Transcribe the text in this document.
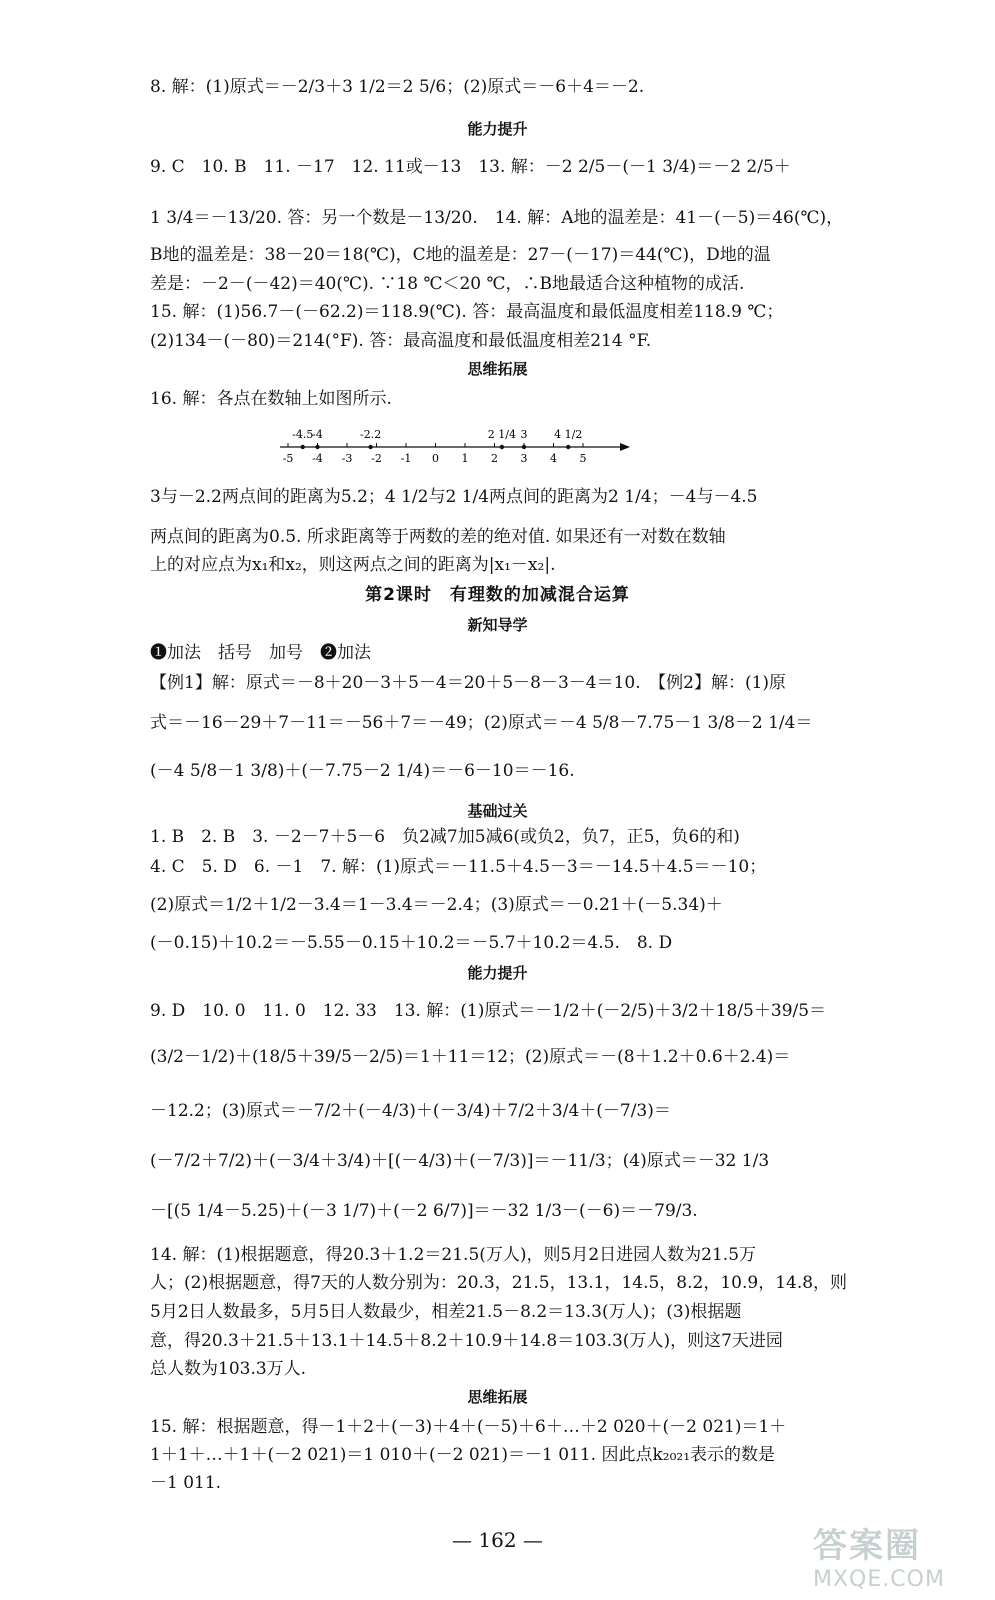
8. 解：(1)原式＝－2/3＋3 1/2＝2 5/6；(2)原式＝－6＋4＝－2.
能力提升
9. C　10. B　11. －17　12. 11或－13　13. 解：－2 2/5－(－1 3/4)＝－2 2/5＋
1 3/4＝－13/20. 答：另一个数是－13/20.　14. 解：A地的温差是：41－(－5)＝46(℃)，
B地的温差是：38－20＝18(℃)，C地的温差是：27－(－17)＝44(℃)，D地的温
差是：－2－(－42)＝40(℃). ∵18 ℃＜20 ℃，∴B地最适合这种植物的成活.
15. 解：(1)56.7－(－62.2)＝118.9(℃). 答：最高温度和最低温度相差118.9 ℃；
(2)134－(－80)＝214(°F). 答：最高温度和最低温度相差214 °F.
思维拓展
16. 解：各点在数轴上如图所示.
-5 -4 -3 -2 -1 0 1 2 3 4 5
-4.5
-4	-2.2	2 1/4 3 4 1/2
3与－2.2两点间的距离为5.2；4 1/2与2 1/4两点间的距离为2 1/4；－4与－4.5
两点间的距离为0.5. 所求距离等于两数的差的绝对值. 如果还有一对数在数轴
上的对应点为x₁和x₂，则这两点之间的距离为|x₁－x₂|.
第2课时　有理数的加减混合运算
新知导学
❶加法　括号　加号　❷加法
【例1】解：原式＝－8＋20－3＋5－4＝20＋5－8－3－4＝10.　【例2】解：(1)原
式＝－16－29＋7－11＝－56＋7＝－49；(2)原式＝－4 5/8－7.75－1 3/8－2 1/4＝
(－4 5/8－1 3/8)＋(－7.75－2 1/4)＝－6－10＝－16.
基础过关
1. B　2. B　3. －2－7＋5－6　负2减7加5减6(或负2，负7，正5，负6的和)
4. C　5. D　6. －1　7. 解：(1)原式＝－11.5＋4.5－3＝－14.5＋4.5＝－10；
(2)原式＝1/2＋1/2－3.4＝1－3.4＝－2.4；(3)原式＝－0.21＋(－5.34)＋
(－0.15)＋10.2＝－5.55－0.15＋10.2＝－5.7＋10.2＝4.5.　8. D
能力提升
9. D　10. 0　11. 0　12. 33　13. 解：(1)原式＝－1/2＋(－2/5)＋3/2＋18/5＋39/5＝
(3/2－1/2)＋(18/5＋39/5－2/5)＝1＋11＝12；(2)原式＝－(8＋1.2＋0.6＋2.4)＝
－12.2；(3)原式＝－7/2＋(－4/3)＋(－3/4)＋7/2＋3/4＋(－7/3)＝
(－7/2＋7/2)＋(－3/4＋3/4)＋[(－4/3)＋(－7/3)]＝－11/3；(4)原式＝－32 1/3
－[(5 1/4－5.25)＋(－3 1/7)＋(－2 6/7)]＝－32 1/3－(－6)＝－79/3.
14. 解：(1)根据题意，得20.3＋1.2＝21.5(万人)，则5月2日进园人数为21.5万
人；(2)根据题意，得7天的人数分别为：20.3，21.5，13.1，14.5，8.2，10.9，14.8，则
5月2日人数最多，5月5日人数最少，相差21.5－8.2＝13.3(万人)；(3)根据题
意，得20.3＋21.5＋13.1＋14.5＋8.2＋10.9＋14.8＝103.3(万人)，则这7天进园
总人数为103.3万人.
思维拓展
15. 解：根据题意，得－1＋2＋(－3)＋4＋(－5)＋6＋…＋2 020＋(－2 021)＝1＋
1＋1＋…＋1＋(－2 021)＝1 010＋(－2 021)＝－1 011. 因此点k₂₀₂₁表示的数是
－1 011.
— 162 —	答案圈
MXQE.COM
